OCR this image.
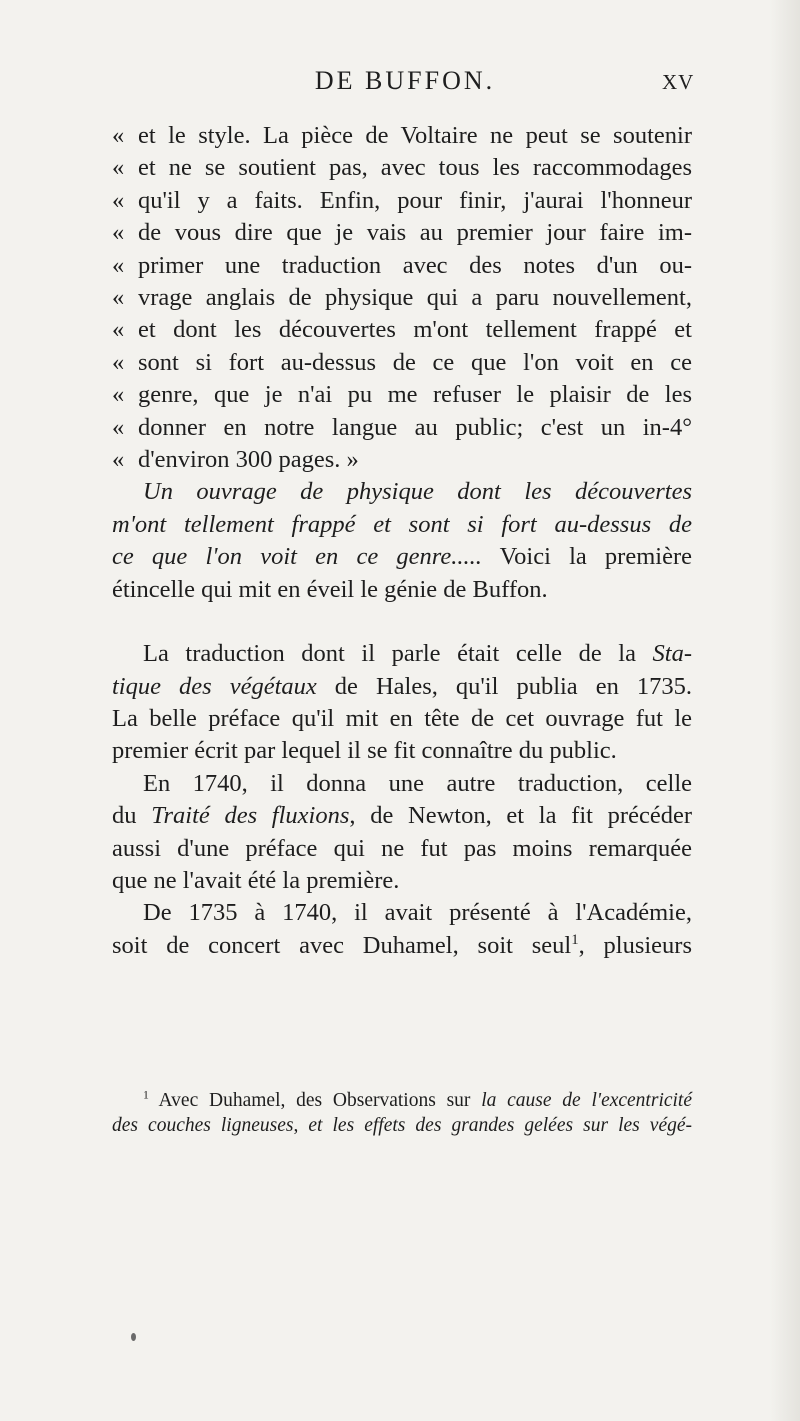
DE BUFFON.	XV
« et le style. La pièce de Voltaire ne peut se soutenir
« et ne se soutient pas, avec tous les raccommodages
« qu'il y a faits. Enfin, pour finir, j'aurai l'honneur
« de vous dire que je vais au premier jour faire im-
« primer une traduction avec des notes d'un ou-
« vrage anglais de physique qui a paru nouvellement,
« et dont les découvertes m'ont tellement frappé et
« sont si fort au-dessus de ce que l'on voit en ce
« genre, que je n'ai pu me refuser le plaisir de les
« donner en notre langue au public; c'est un in-4°
« d'environ 300 pages. »
Un ouvrage de physique dont les découvertes
m'ont tellement frappé et sont si fort au-dessus de
ce que l'on voit en ce genre..... Voici la première
étincelle qui mit en éveil le génie de Buffon.
La traduction dont il parle était celle de la Sta-
tique des végétaux de Hales, qu'il publia en 1735.
La belle préface qu'il mit en tête de cet ouvrage fut le
premier écrit par lequel il se fit connaître du public.
En 1740, il donna une autre traduction, celle
du Traité des fluxions, de Newton, et la fit précéder
aussi d'une préface qui ne fut pas moins remarquée
que ne l'avait été la première.
De 1735 à 1740, il avait présenté à l'Académie,
soit de concert avec Duhamel, soit seul$^1$, plusieurs
$^1$ Avec Duhamel, des Observations sur la cause de l'excentricité
des couches ligneuses, et les effets des grandes gelées sur les végé-
